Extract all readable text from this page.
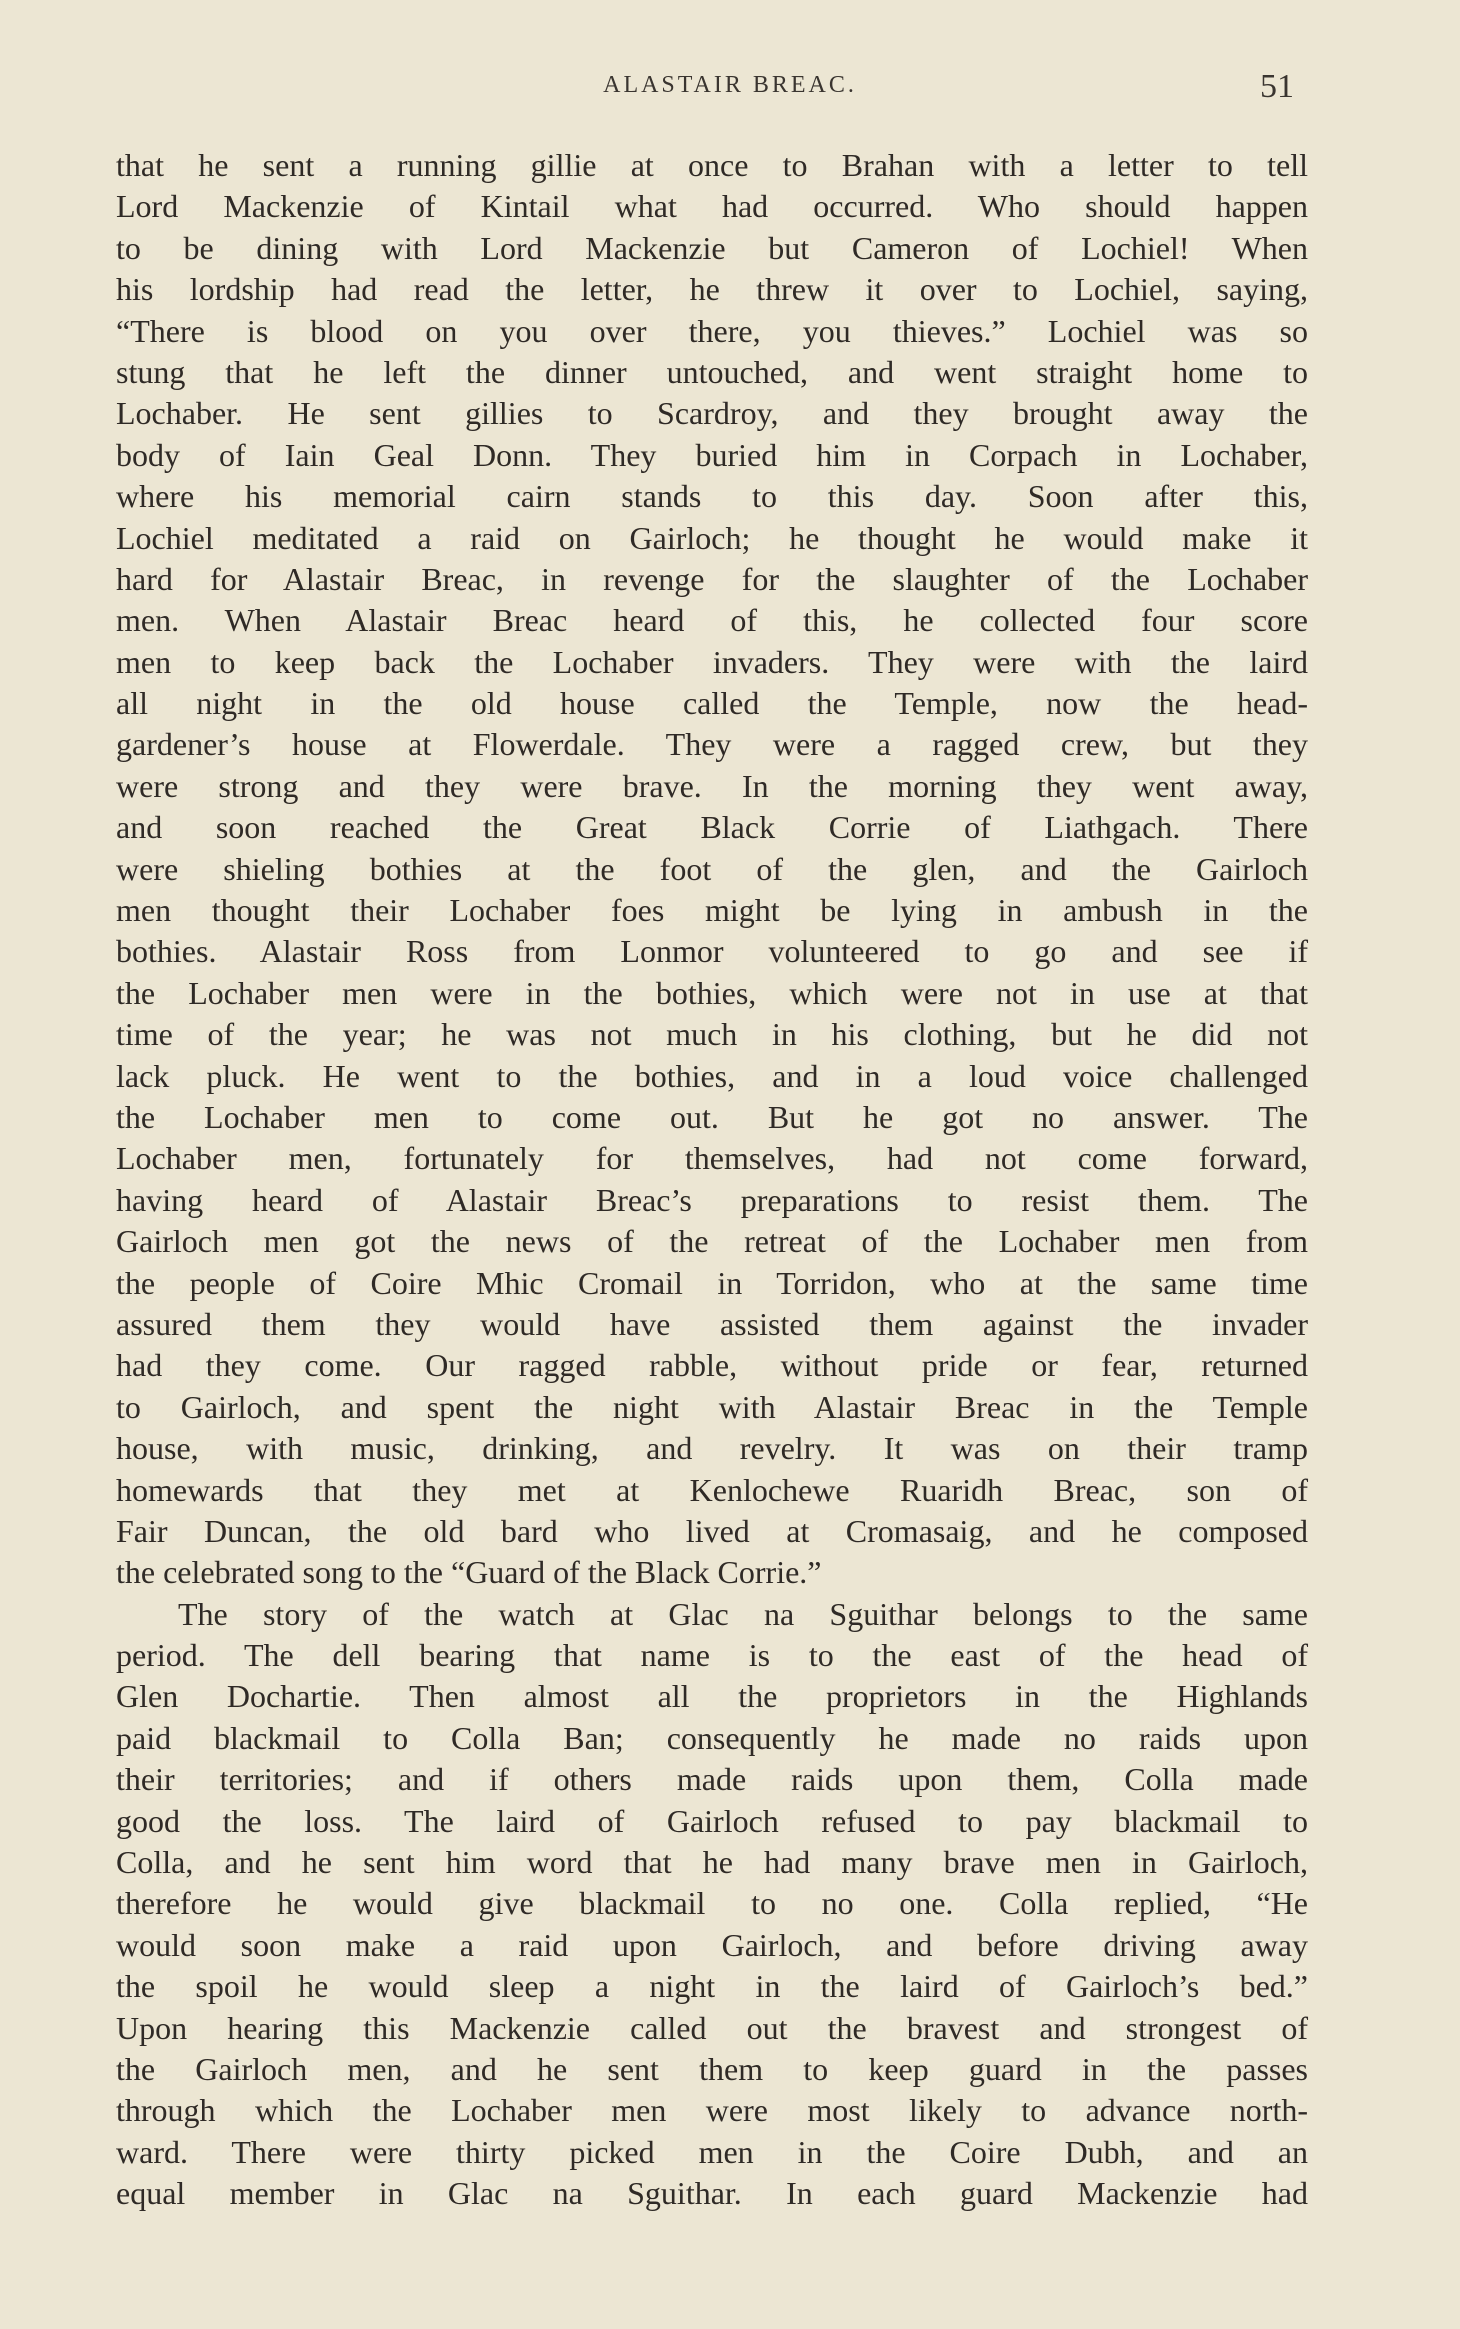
ALASTAIR BREAC.	51
that he sent a running gillie at once to Brahan with a letter to tell
Lord Mackenzie of Kintail what had occurred. Who should happen
to be dining with Lord Mackenzie but Cameron of Lochiel! When
his lordship had read the letter, he threw it over to Lochiel, saying,
“There is blood on you over there, you thieves.” Lochiel was so
stung that he left the dinner untouched, and went straight home to
Lochaber. He sent gillies to Scardroy, and they brought away the
body of Iain Geal Donn. They buried him in Corpach in Lochaber,
where his memorial cairn stands to this day. Soon after this,
Lochiel meditated a raid on Gairloch; he thought he would make it
hard for Alastair Breac, in revenge for the slaughter of the Lochaber
men. When Alastair Breac heard of this, he collected four score
men to keep back the Lochaber invaders. They were with the laird
all night in the old house called the Temple, now the head-
gardener’s house at Flowerdale. They were a ragged crew, but they
were strong and they were brave. In the morning they went away,
and soon reached the Great Black Corrie of Liathgach. There
were shieling bothies at the foot of the glen, and the Gairloch
men thought their Lochaber foes might be lying in ambush in the
bothies. Alastair Ross from Lonmor volunteered to go and see if
the Lochaber men were in the bothies, which were not in use at that
time of the year; he was not much in his clothing, but he did not
lack pluck. He went to the bothies, and in a loud voice challenged
the Lochaber men to come out. But he got no answer. The
Lochaber men, fortunately for themselves, had not come forward,
having heard of Alastair Breac’s preparations to resist them. The
Gairloch men got the news of the retreat of the Lochaber men from
the people of Coire Mhic Cromail in Torridon, who at the same time
assured them they would have assisted them against the invader
had they come. Our ragged rabble, without pride or fear, returned
to Gairloch, and spent the night with Alastair Breac in the Temple
house, with music, drinking, and revelry. It was on their tramp
homewards that they met at Kenlochewe Ruaridh Breac, son of
Fair Duncan, the old bard who lived at Cromasaig, and he composed
the celebrated song to the “Guard of the Black Corrie.”
The story of the watch at Glac na Sguithar belongs to the same
period. The dell bearing that name is to the east of the head of
Glen Dochartie. Then almost all the proprietors in the Highlands
paid blackmail to Colla Ban; consequently he made no raids upon
their territories; and if others made raids upon them, Colla made
good the loss. The laird of Gairloch refused to pay blackmail to
Colla, and he sent him word that he had many brave men in Gairloch,
therefore he would give blackmail to no one. Colla replied, “He
would soon make a raid upon Gairloch, and before driving away
the spoil he would sleep a night in the laird of Gairloch’s bed.”
Upon hearing this Mackenzie called out the bravest and strongest of
the Gairloch men, and he sent them to keep guard in the passes
through which the Lochaber men were most likely to advance north-
ward. There were thirty picked men in the Coire Dubh, and an
equal member in Glac na Sguithar. In each guard Mackenzie had
